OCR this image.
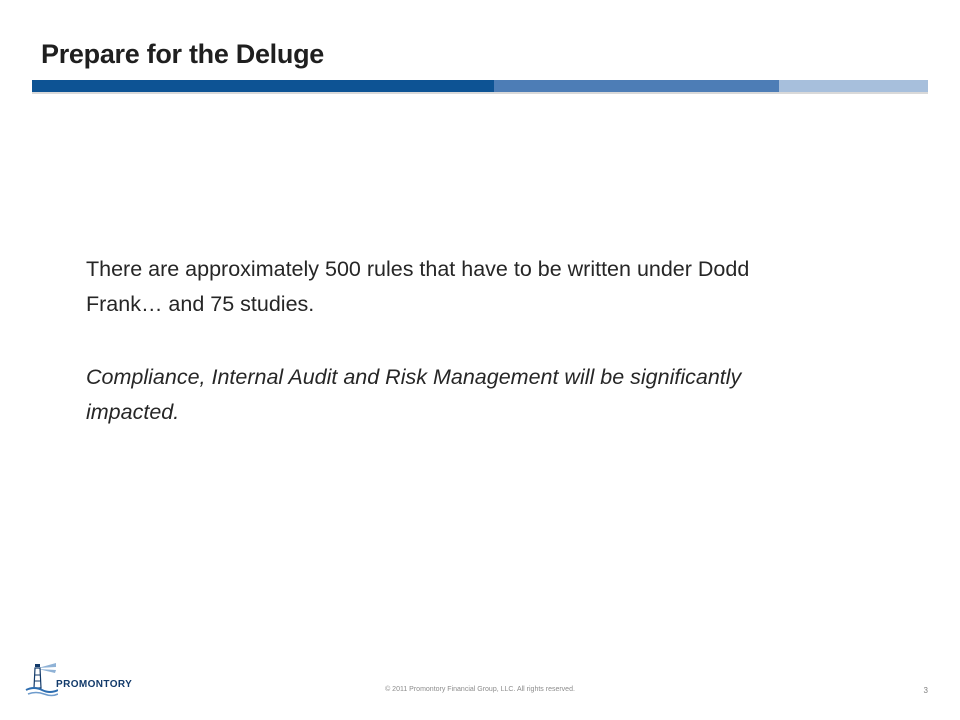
Prepare for the Deluge

There are approximately 500 rules that have to be written under Dodd Frank… and 75 studies.

Compliance, Internal Audit and Risk Management will be significantly impacted.

PROMONTORY	© 2011 Promontory Financial Group, LLC. All rights reserved.	3
